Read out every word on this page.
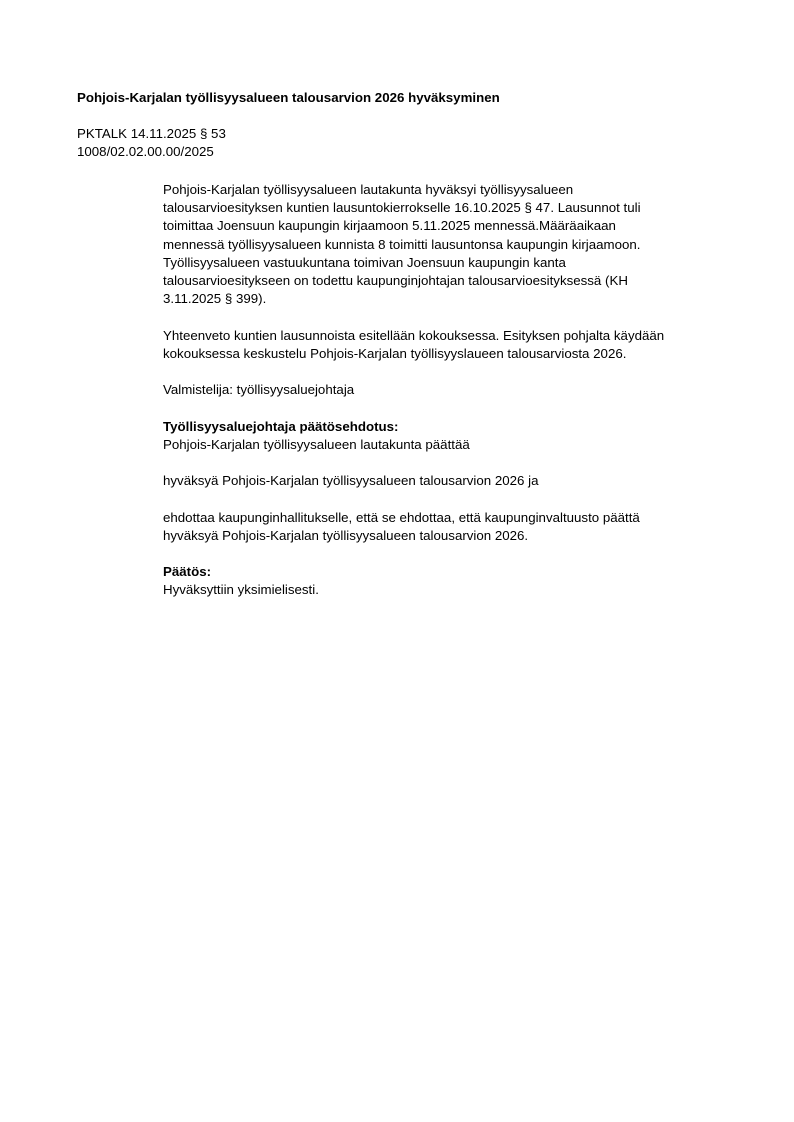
Pohjois-Karjalan työllisyysalueen talousarvion 2026 hyväksyminen
PKTALK 14.11.2025 § 53
1008/02.02.00.00/2025
Pohjois-Karjalan työllisyysalueen lautakunta hyväksyi työllisyysalueen
talousarvioesityksen kuntien lausuntokierrokselle 16.10.2025 § 47. Lausunnot tuli
toimittaa Joensuun kaupungin kirjaamoon 5.11.2025 mennessä.Määräaikaan
mennessä työllisyysalueen kunnista 8 toimitti lausuntonsa kaupungin kirjaamoon.
Työllisyysalueen vastuukuntana toimivan Joensuun kaupungin kanta
talousarvioesitykseen on todettu kaupunginjohtajan talousarvioesityksessä (KH
3.11.2025 § 399).
Yhteenveto kuntien lausunnoista esitellään kokouksessa. Esityksen pohjalta käydään
kokouksessa keskustelu Pohjois-Karjalan työllisyyslaueen talousarviosta 2026.
Valmistelija: työllisyysaluejohtaja
Työllisyysaluejohtaja päätösehdotus:
Pohjois-Karjalan työllisyysalueen lautakunta päättää
hyväksyä Pohjois-Karjalan työllisyysalueen talousarvion 2026 ja
ehdottaa kaupunginhallitukselle, että se ehdottaa, että kaupunginvaltuusto päättä
hyväksyä Pohjois-Karjalan työllisyysalueen talousarvion 2026.
Päätös:
Hyväksyttiin yksimielisesti.
